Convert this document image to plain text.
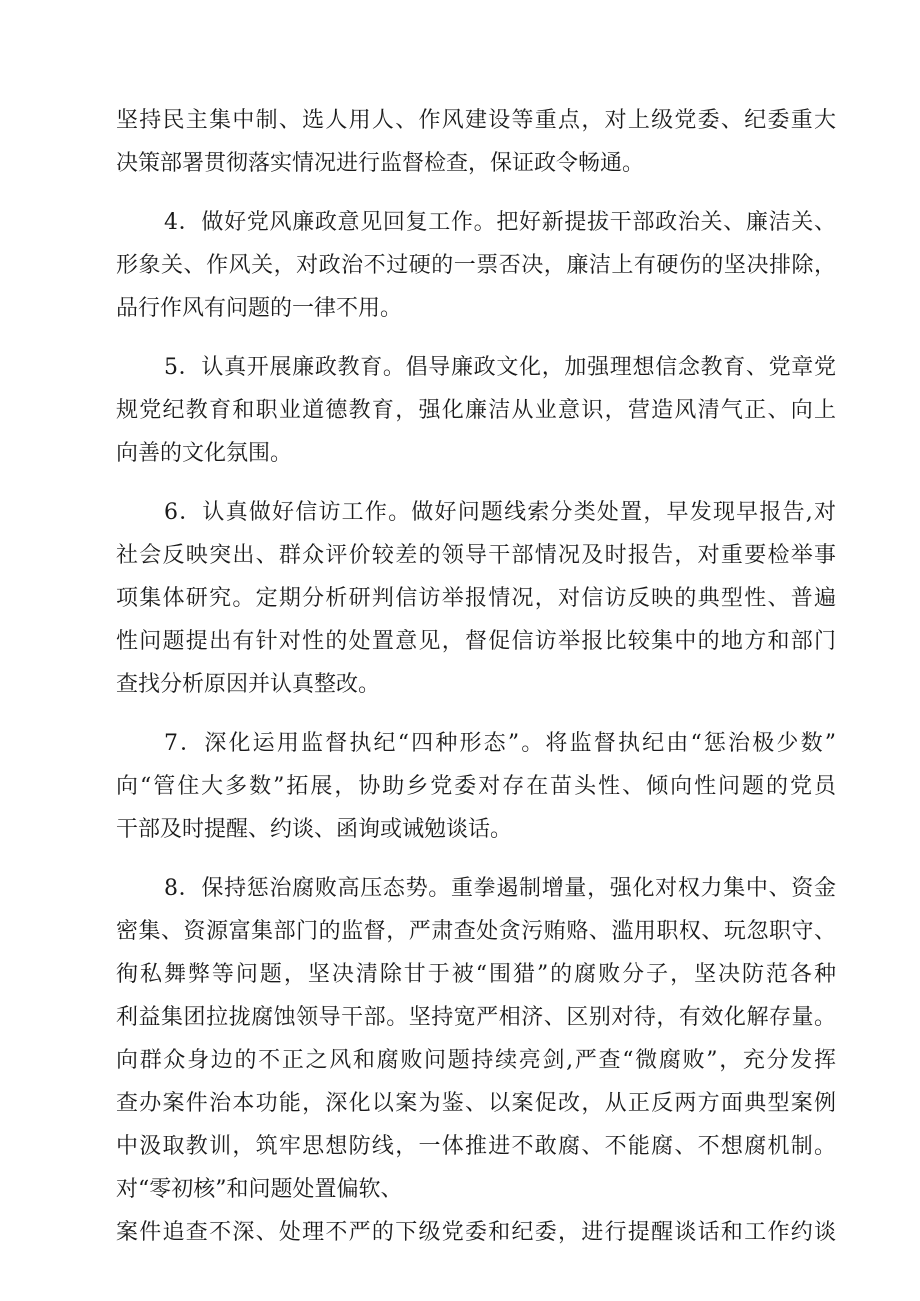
坚持民主集中制、选人用人、作风建设等重点，对上级党委、纪委重大
决策部署贯彻落实情况进行监督检查，保证政令畅通。
4．做好党风廉政意见回复工作。把好新提拔干部政治关、廉洁关、
形象关、作风关，对政治不过硬的一票否决，廉洁上有硬伤的坚决排除，
品行作风有问题的一律不用。
5．认真开展廉政教育。倡导廉政文化，加强理想信念教育、党章党
规党纪教育和职业道德教育，强化廉洁从业意识，营造风清气正、向上
向善的文化氛围。
6．认真做好信访工作。做好问题线索分类处置，早发现早报告,对
社会反映突出、群众评价较差的领导干部情况及时报告，对重要检举事
项集体研究。定期分析研判信访举报情况，对信访反映的典型性、普遍
性问题提出有针对性的处置意见，督促信访举报比较集中的地方和部门
查找分析原因并认真整改。
7．深化运用监督执纪“四种形态”。将监督执纪由“惩治极少数”
向“管住大多数”拓展，协助乡党委对存在苗头性、倾向性问题的党员
干部及时提醒、约谈、函询或诫勉谈话。
8．保持惩治腐败高压态势。重拳遏制增量，强化对权力集中、资金
密集、资源富集部门的监督，严肃查处贪污贿赂、滥用职权、玩忽职守、
徇私舞弊等问题，坚决清除甘于被“围猎”的腐败分子，坚决防范各种
利益集团拉拢腐蚀领导干部。坚持宽严相济、区别对待，有效化解存量。
向群众身边的不正之风和腐败问题持续亮剑,严查“微腐败”，充分发挥
查办案件治本功能，深化以案为鉴、以案促改，从正反两方面典型案例
中汲取教训，筑牢思想防线，一体推进不敢腐、不能腐、不想腐机制。
对“零初核”和问题处置偏软、
案件追查不深、处理不严的下级党委和纪委，进行提醒谈话和工作约谈
